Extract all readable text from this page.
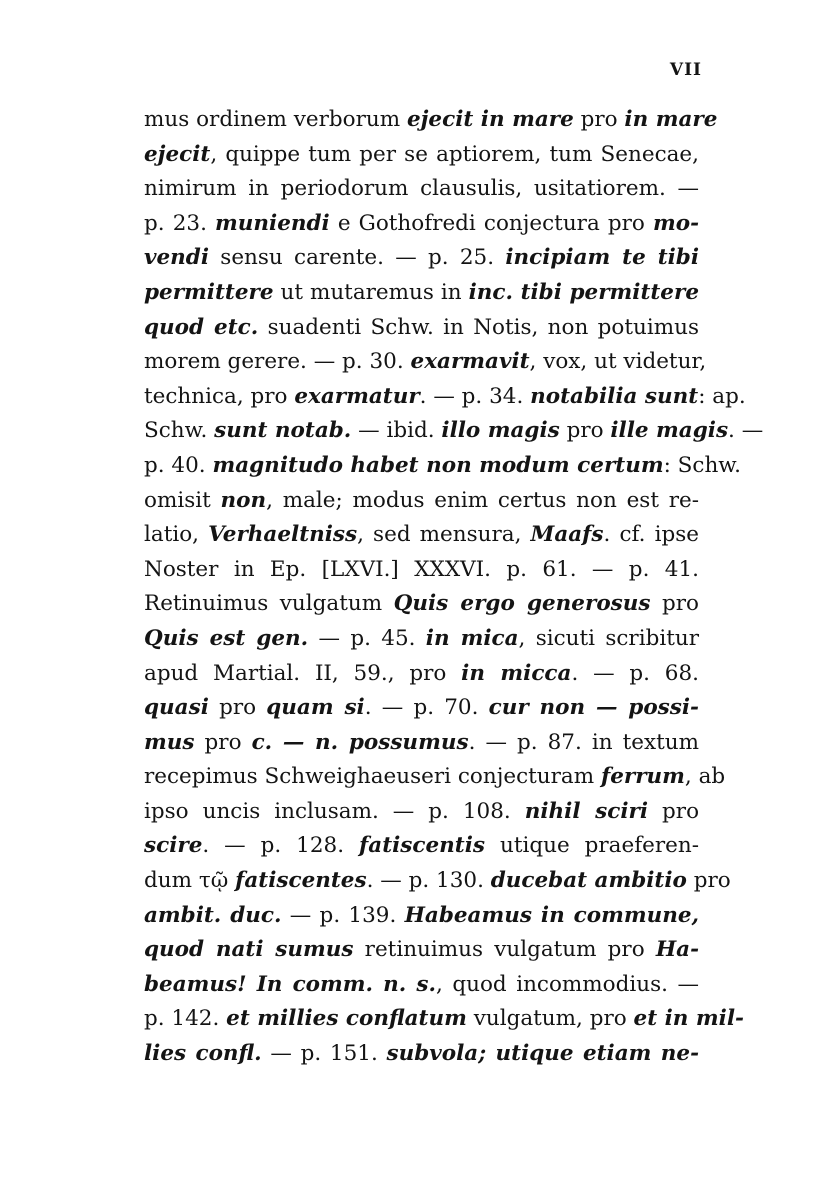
VII
mus ordinem verborum ejecit in mare pro in mare
ejecit, quippe tum per se aptiorem, tum Senecae,
nimirum in periodorum clausulis, usitatiorem. —
p. 23. muniendi e Gothofredi conjectura pro mo-
vendi sensu carente. — p. 25. incipiam te tibi
permittere ut mutaremus in inc. tibi permittere
quod etc. suadenti Schw. in Notis, non potuimus
morem gerere. — p. 30. exarmavit, vox, ut videtur,
technica, pro exarmatur. — p. 34. notabilia sunt: ap.
Schw. sunt notab. — ibid. illo magis pro ille magis. —
p. 40. magnitudo habet non modum certum: Schw.
omisit non, male; modus enim certus non est re-
latio, Verhaeltniss, sed mensura, Maafs. cf. ipse
Noster in Ep. [LXVI.] XXXVI. p. 61. — p. 41.
Retinuimus vulgatum Quis ergo generosus pro
Quis est gen. — p. 45. in mica, sicuti scribitur
apud Martial. II, 59., pro in micca. — p. 68.
quasi pro quam si. — p. 70. cur non — possi-
mus pro c. — n. possumus. — p. 87. in textum
recepimus Schweighaeuseri conjecturam ferrum, ab
ipso uncis inclusam. — p. 108. nihil sciri pro
scire. — p. 128. fatiscentis utique praeferen-
dum τῷ fatiscentes. — p. 130. ducebat ambitio pro
ambit. duc. — p. 139. Habeamus in commune,
quod nati sumus retinuimus vulgatum pro Ha-
beamus! In comm. n. s., quod incommodius. —
p. 142. et millies conflatum vulgatum, pro et in mil-
lies confl. — p. 151. subvola; utique etiam ne-
